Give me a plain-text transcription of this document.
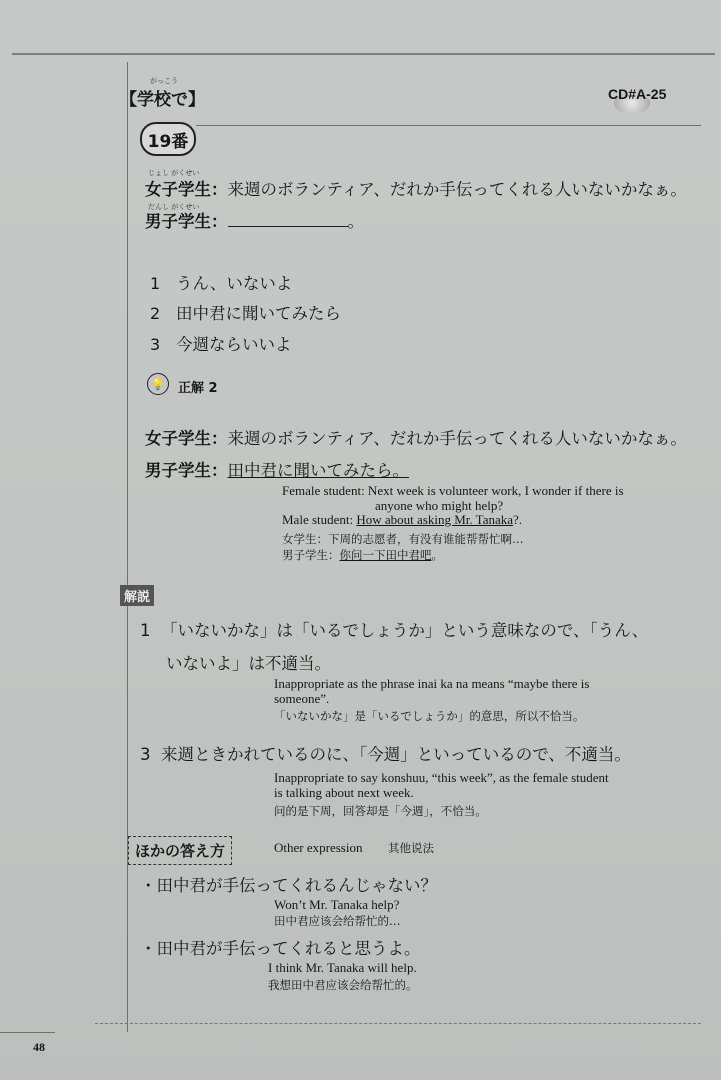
がっこう
【学校で】	CD#A-25
19番
じょし がくせい
女子学生：来週のボランティア、だれか手伝ってくれる人いないかなぁ。
だんし がくせい
男子学生：	。
1 うん、いないよ
2 田中君に聞いてみたら
3 今週ならいいよ
💡	正解 2
女子学生：来週のボランティア、だれか手伝ってくれる人いないかなぁ。
男子学生：田中君に聞いてみたら。
Female student: Next week is volunteer work, I wonder if there is
anyone who might help?
Male student: How about asking Mr. Tanaka?.
女学生：下周的志愿者，有没有谁能帮帮忙啊…
男子学生：你问一下田中君吧。
解説
1 「いないかな」は「いるでしょうか」という意味なので、「うん、
いないよ」は不適当。
Inappropriate as the phrase inai ka na means “maybe there is
someone”.
「いないかな」是「いるでしょうか」的意思，所以不恰当。
3 来週ときかれているのに、「今週」といっているので、不適当。
Inappropriate to say konshuu, “this week”, as the female student
is talking about next week.
问的是下周，回答却是「今週」，不恰当。
ほかの答え方	Other expression 其他说法
・田中君が手伝ってくれるんじゃない？
Won’t Mr. Tanaka help?
田中君应该会给帮忙的…
・田中君が手伝ってくれると思うよ。
I think Mr. Tanaka will help.
我想田中君应该会给帮忙的。
48
